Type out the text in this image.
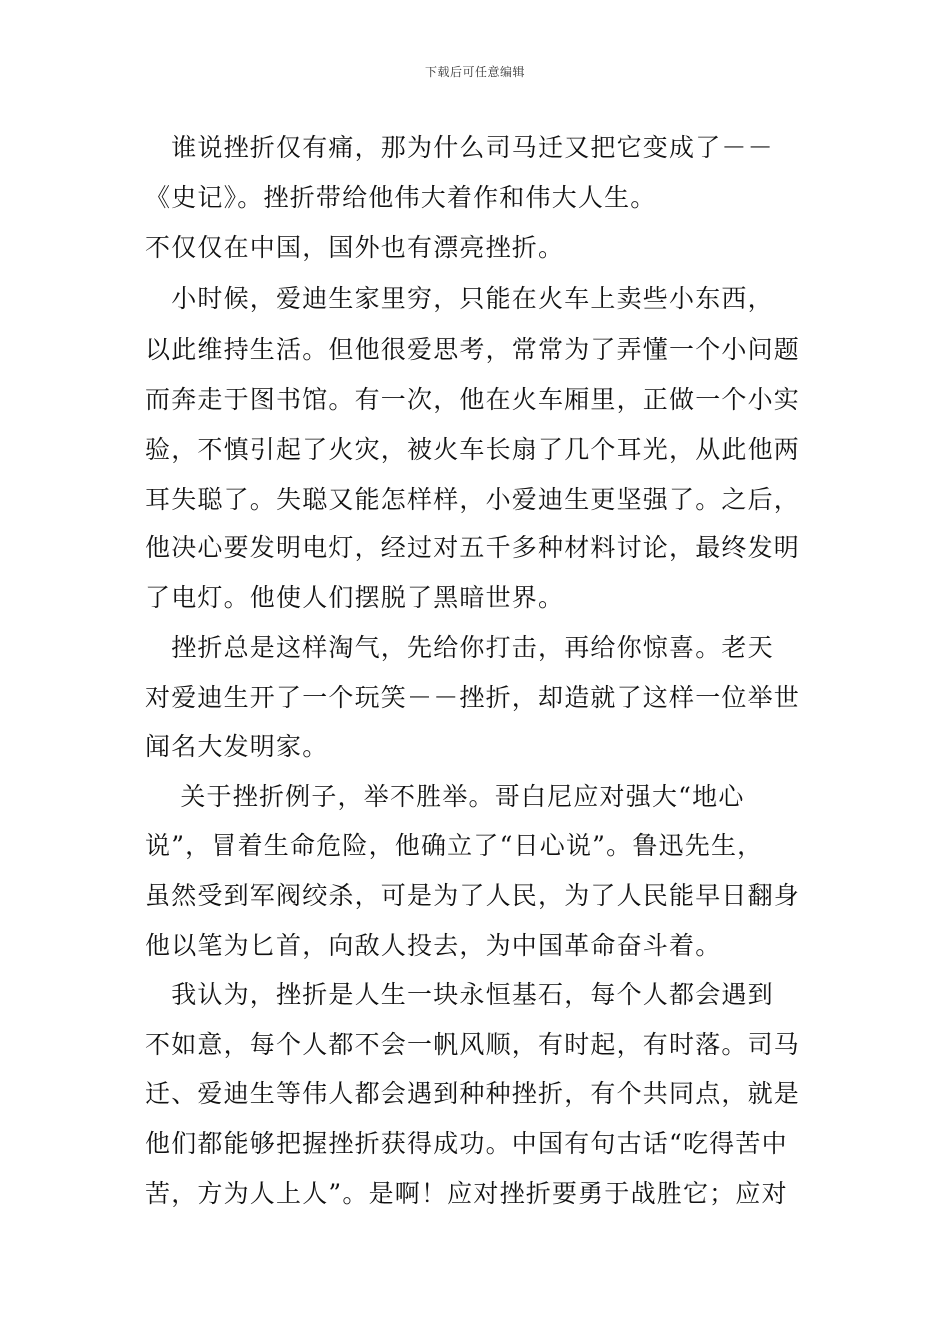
下载后可任意编辑
　谁说挫折仅有痛，那为什么司马迁又把它变成了－－
《史记》。挫折带给他伟大着作和伟大人生。
不仅仅在中国，国外也有漂亮挫折。
　小时候，爱迪生家里穷，只能在火车上卖些小东西，
以此维持生活。但他很爱思考，常常为了弄懂一个小问题
而奔走于图书馆。有一次，他在火车厢里，正做一个小实
验，不慎引起了火灾，被火车长扇了几个耳光，从此他两
耳失聪了。失聪又能怎样样，小爱迪生更坚强了。之后，
他决心要发明电灯，经过对五千多种材料讨论，最终发明
了电灯。他使人们摆脱了黑暗世界。
　挫折总是这样淘气，先给你打击，再给你惊喜。老天
对爱迪生开了一个玩笑－－挫折，却造就了这样一位举世
闻名大发明家。
　 关于挫折例子，举不胜举。哥白尼应对强大“地心
说”，冒着生命危险，他确立了“日心说”。鲁迅先生，
虽然受到军阀绞杀，可是为了人民，为了人民能早日翻身
他以笔为匕首，向敌人投去，为中国革命奋斗着。
　我认为，挫折是人生一块永恒基石，每个人都会遇到
不如意，每个人都不会一帆风顺，有时起，有时落。司马
迁、爱迪生等伟人都会遇到种种挫折，有个共同点，就是
他们都能够把握挫折获得成功。中国有句古话“吃得苦中
苦，方为人上人”。是啊！应对挫折要勇于战胜它；应对
